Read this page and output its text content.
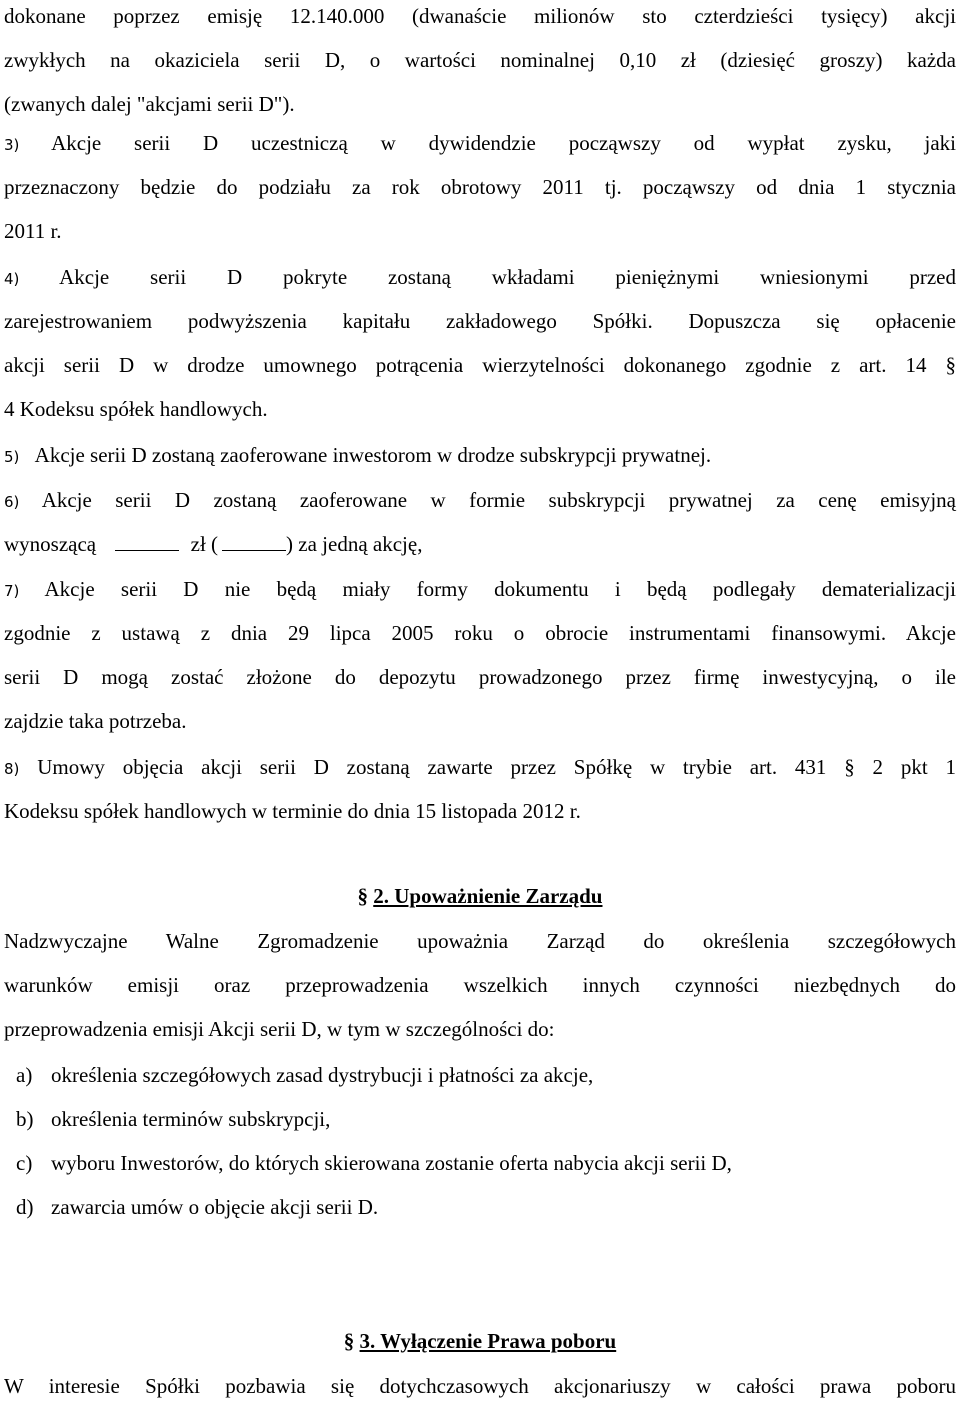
dokonane poprzez emisję 12.140.000 (dwanaście milionów sto czterdzieści tysięcy) akcji
zwykłych na okaziciela serii D, o wartości nominalnej 0,10 zł (dziesięć groszy) każda
(zwanych dalej "akcjami serii D").
3) Akcje serii D uczestniczą w dywidendzie począwszy od wypłat zysku, jaki
przeznaczony będzie do podziału za rok obrotowy 2011 tj. począwszy od dnia 1 stycznia
2011 r.
4) Akcje serii D pokryte zostaną wkładami pieniężnymi wniesionymi przed
zarejestrowaniem podwyższenia kapitału zakładowego Spółki. Dopuszcza się opłacenie
akcji serii D w drodze umownego potrącenia wierzytelności dokonanego zgodnie z art. 14 §
4 Kodeksu spółek handlowych.
5) Akcje serii D zostaną zaoferowane inwestorom w drodze subskrypcji prywatnej.
6) Akcje serii D zostaną zaoferowane w formie subskrypcji prywatnej za cenę emisyjną
wynoszącą	zł (	) za jedną akcję,
7) Akcje serii D nie będą miały formy dokumentu i będą podlegały dematerializacji
zgodnie z ustawą z dnia 29 lipca 2005 roku o obrocie instrumentami finansowymi. Akcje
serii D mogą zostać złożone do depozytu prowadzonego przez firmę inwestycyjną, o ile
zajdzie taka potrzeba.
8) Umowy objęcia akcji serii D zostaną zawarte przez Spółkę w trybie art. 431 § 2 pkt 1
Kodeksu spółek handlowych w terminie do dnia 15 listopada 2012 r.
§ 2. Upoważnienie Zarządu
Nadzwyczajne Walne Zgromadzenie upoważnia Zarząd do określenia szczegółowych
warunków emisji oraz przeprowadzenia wszelkich innych czynności niezbędnych do
przeprowadzenia emisji Akcji serii D, w tym w szczególności do:
a) określenia szczegółowych zasad dystrybucji i płatności za akcje,
b) określenia terminów subskrypcji,
c) wyboru Inwestorów, do których skierowana zostanie oferta nabycia akcji serii D,
d) zawarcia umów o objęcie akcji serii D.
§ 3. Wyłączenie Prawa poboru
W interesie Spółki pozbawia się dotychczasowych akcjonariuszy w całości prawa poboru
